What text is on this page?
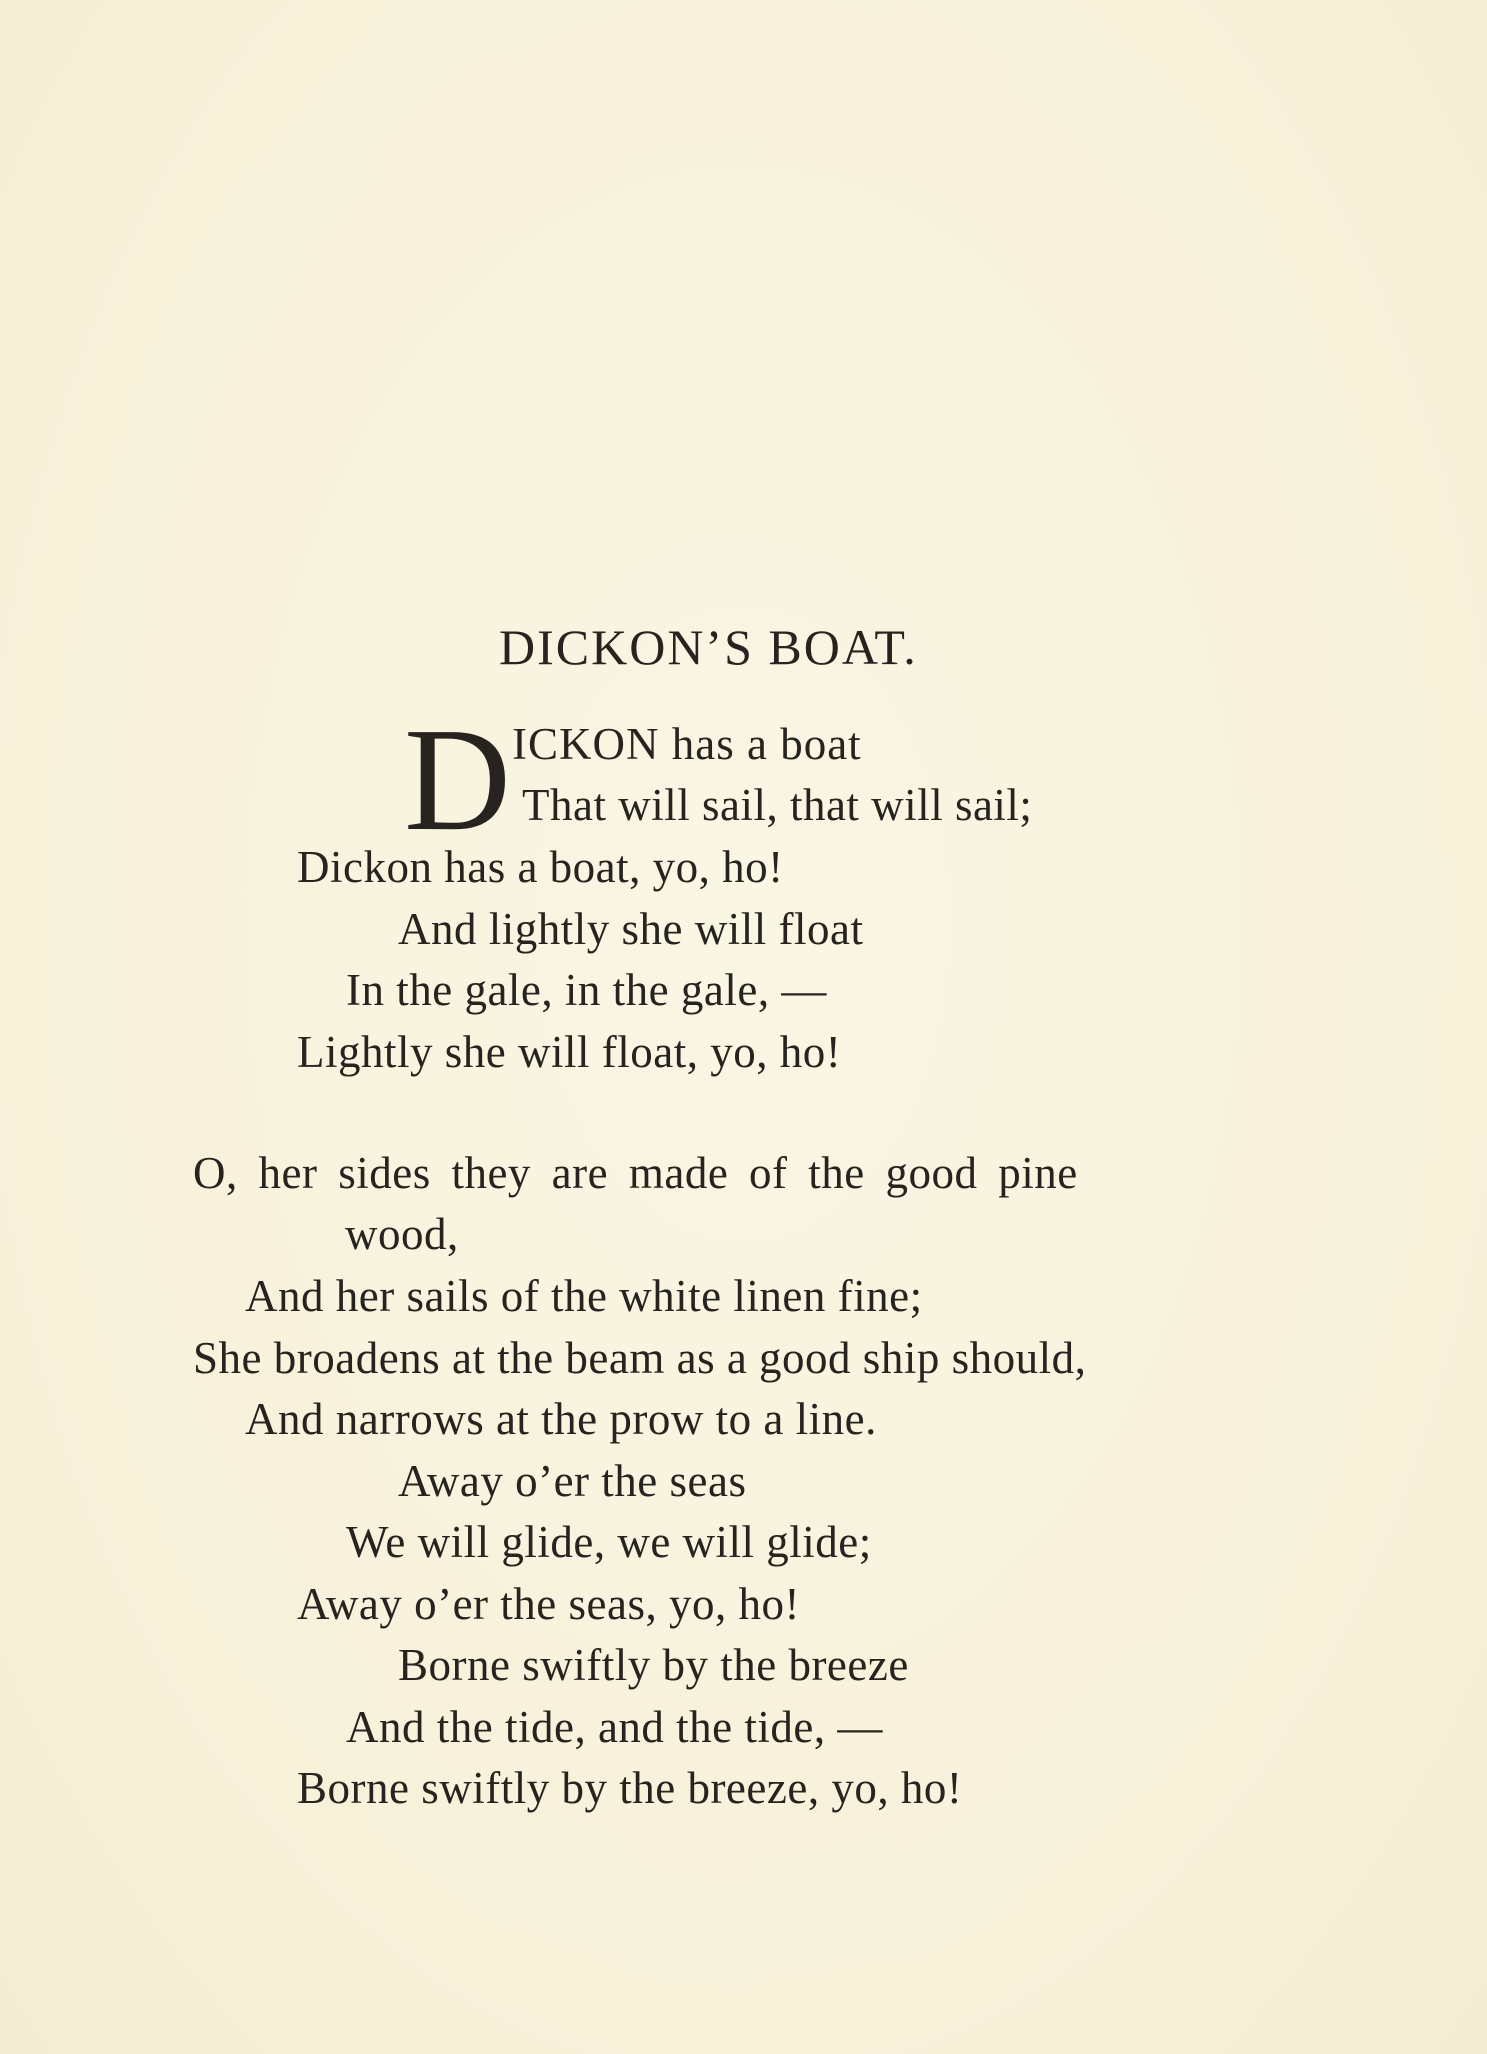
DICKON’S BOAT.
D ICKON has a boat
That will sail, that will sail;
Dickon has a boat, yo, ho!
And lightly she will float
In the gale, in the gale, —
Lightly she will float, yo, ho!
O, her sides they are made of the good pine
wood,
And her sails of the white linen fine;
She broadens at the beam as a good ship should,
And narrows at the prow to a line.
Away o’er the seas
We will glide, we will glide;
Away o’er the seas, yo, ho!
Borne swiftly by the breeze
And the tide, and the tide, —
Borne swiftly by the breeze, yo, ho!
